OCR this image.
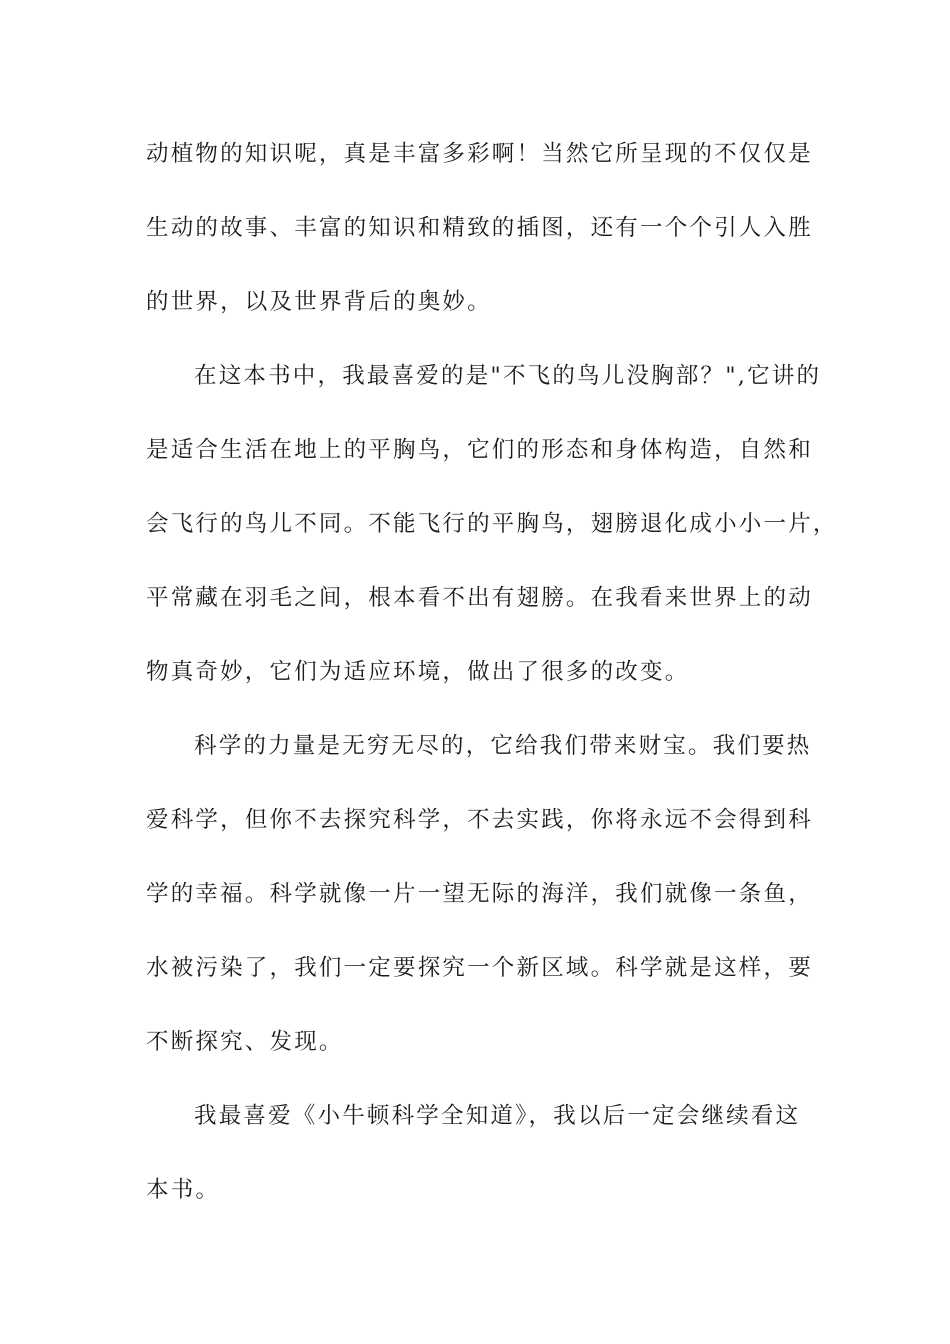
动植物的知识呢，真是丰富多彩啊！当然它所呈现的不仅仅是
生动的故事、丰富的知识和精致的插图，还有一个个引人入胜
的世界，以及世界背后的奥妙。
在这本书中，我最喜爱的是"不飞的鸟儿没胸部？",它讲的
是适合生活在地上的平胸鸟，它们的形态和身体构造，自然和
会飞行的鸟儿不同。不能飞行的平胸鸟，翅膀退化成小小一片，
平常藏在羽毛之间，根本看不出有翅膀。在我看来世界上的动
物真奇妙，它们为适应环境，做出了很多的改变。
科学的力量是无穷无尽的，它给我们带来财宝。我们要热
爱科学，但你不去探究科学，不去实践，你将永远不会得到科
学的幸福。科学就像一片一望无际的海洋，我们就像一条鱼，
水被污染了，我们一定要探究一个新区域。科学就是这样，要
不断探究、发现。
我最喜爱《小牛顿科学全知道》，我以后一定会继续看这
本书。
